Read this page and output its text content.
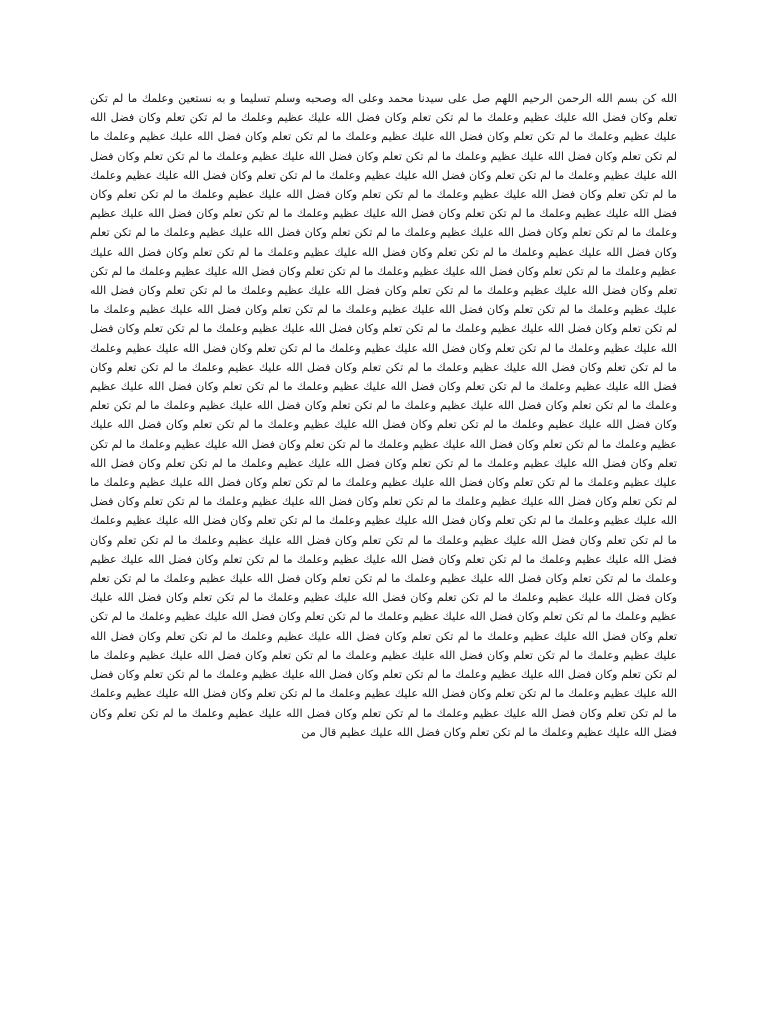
الله كن بسم الله الرحمن الرحيم اللهم صل على سيدنا محمد وعلى اله وصحبه وسلم تسليما و به نستعين وعلمك ما لم تكن تعلم وكان فضل الله عليك عظيم وعلمك ما لم تكن تعلم وكان فضل الله عليك عظيم وعلمك ما لم تكن تعلم وكان فضل الله عليك عظيم وعلمك ما لم تكن تعلم وكان فضل الله عليك عظيم وعلمك ما لم تكن تعلم وكان فضل الله عليك عظيم وعلمك ما لم تكن تعلم وكان فضل الله عليك عظيم وعلمك ما لم تكن تعلم وكان فضل الله عليك عظيم وعلمك ما لم تكن تعلم وكان فضل الله عليك عظيم وعلمك ما لم تكن تعلم وكان فضل الله عليك عظيم وعلمك ما لم تكن تعلم وكان فضل الله عليك عظيم وعلمك ما لم تكن تعلم وكان فضل الله عليك عظيم وعلمك ما لم تكن تعلم وكان فضل الله عليك عظيم وعلمك ما لم تكن تعلم وكان فضل الله عليك عظيم وعلمك ما لم تكن تعلم وكان فضل الله عليك عظيم وعلمك ما لم تكن تعلم وكان فضل الله عليك عظيم وعلمك ما لم تكن تعلم وكان فضل الله عليك عظيم وعلمك ما لم تكن تعلم وكان فضل الله عليك عظيم وعلمك ما لم تكن تعلم وكان فضل الله عليك عظيم وعلمك ما لم تكن تعلم وكان فضل الله عليك عظيم وعلمك ما لم تكن تعلم وكان فضل الله عليك عظيم وعلمك ما لم تكن تعلم وكان فضل الله عليك عظيم وعلمك ما لم تكن تعلم وكان فضل الله عليك عظيم وعلمك ما لم تكن تعلم وكان فضل الله عليك عظيم وعلمك ما لم تكن تعلم وكان فضل الله عليك عظيم وعلمك ما لم تكن تعلم وكان فضل الله عليك عظيم وعلمك ما لم تكن تعلم وكان فضل الله عليك عظيم وعلمك ما لم تكن تعلم وكان فضل الله عليك عظيم وعلمك ما لم تكن تعلم وكان فضل الله عليك عظيم وعلمك ما لم تكن تعلم وكان فضل الله عليك عظيم وعلمك ما لم تكن تعلم وكان فضل الله عليك عظيم وعلمك ما لم تكن تعلم وكان فضل الله عليك عظيم وعلمك ما لم تكن تعلم وكان فضل الله عليك عظيم وعلمك ما لم تكن تعلم وكان فضل الله عليك عظيم وعلمك ما لم تكن تعلم وكان فضل الله عليك عظيم وعلمك ما لم تكن تعلم وكان فضل الله عليك عظيم وعلمك ما لم تكن تعلم وكان فضل الله عليك عظيم وعلمك ما لم تكن تعلم وكان فضل الله عليك عظيم وعلمك ما لم تكن تعلم وكان فضل الله عليك عظيم وعلمك ما لم تكن تعلم وكان فضل الله عليك عظيم وعلمك ما لم تكن تعلم وكان فضل الله عليك عظيم وعلمك ما لم تكن تعلم وكان فضل الله عليك عظيم وعلمك ما لم تكن تعلم وكان فضل الله عليك عظيم وعلمك ما لم تكن تعلم وكان فضل الله عليك عظيم وعلمك ما لم تكن تعلم وكان فضل الله عليك عظيم وعلمك ما لم تكن تعلم وكان فضل الله عليك عظيم وعلمك ما لم تكن تعلم وكان فضل الله عليك عظيم وعلمك ما لم تكن تعلم وكان فضل الله عليك عظيم وعلمك ما لم تكن تعلم وكان فضل الله عليك عظيم وعلمك ما لم تكن تعلم وكان فضل الله عليك عظيم وعلمك ما لم تكن تعلم وكان فضل الله عليك عظيم وعلمك ما لم تكن تعلم وكان فضل الله عليك عظيم وعلمك ما لم تكن تعلم وكان فضل الله عليك عظيم وعلمك ما لم تكن تعلم وكان فضل الله عليك عظيم وعلمك ما لم تكن تعلم وكان فضل الله عليك عظيم وعلمك ما لم تكن تعلم وكان فضل الله عليك عظيم وعلمك ما لم تكن تعلم وكان فضل الله عليك عظيم وعلمك ما لم تكن تعلم وكان فضل الله عليك عظيم وعلمك ما لم تكن تعلم وكان فضل الله عليك عظيم وعلمك ما لم تكن تعلم وكان فضل الله عليك عظيم وعلمك ما لم تكن تعلم وكان فضل الله عليك عظيم وعلمك ما لم تكن تعلم وكان فضل الله عليك عظيم وعلمك ما لم تكن تعلم وكان فضل الله عليك عظيم وعلمك ما لم تكن تعلم وكان فضل الله عليك عظيم وعلمك ما لم تكن تعلم وكان فضل الله عليك عظيم وعلمك ما لم تكن تعلم وكان فضل الله عليك عظيم وعلمك ما لم تكن تعلم وكان فضل الله عليك عظيم وعلمك ما لم تكن تعلم وكان فضل الله عليك عظيم وعلمك ما لم تكن تعلم وكان فضل الله عليك عظيم وعلمك ما لم تكن تعلم وكان فضل الله عليك عظيم وعلمك ما لم تكن تعلم وكان فضل الله عليك عظيم وعلمك ما لم تكن تعلم وكان فضل الله عليك عظيم وعلمك ما لم تكن تعلم وكان فضل الله عليك عظيم وعلمك ما لم تكن تعلم وكان فضل الله عليك عظيم وعلمك ما لم تكن تعلم وكان فضل الله عليك عظيم وعلمك ما لم تكن تعلم وكان فضل الله عليك عظيم وعلمك ما لم تكن تعلم وكان فضل الله عليك عظيم وعلمك ما لم تكن تعلم وكان فضل الله عليك عظيم وعلمك ما لم تكن تعلم وكان فضل الله عليك عظيم وعلمك ما لم تكن تعلم وكان فضل الله عليك عظيم وعلمك ما لم تكن تعلم وكان فضل الله عليك عظيم قال من
